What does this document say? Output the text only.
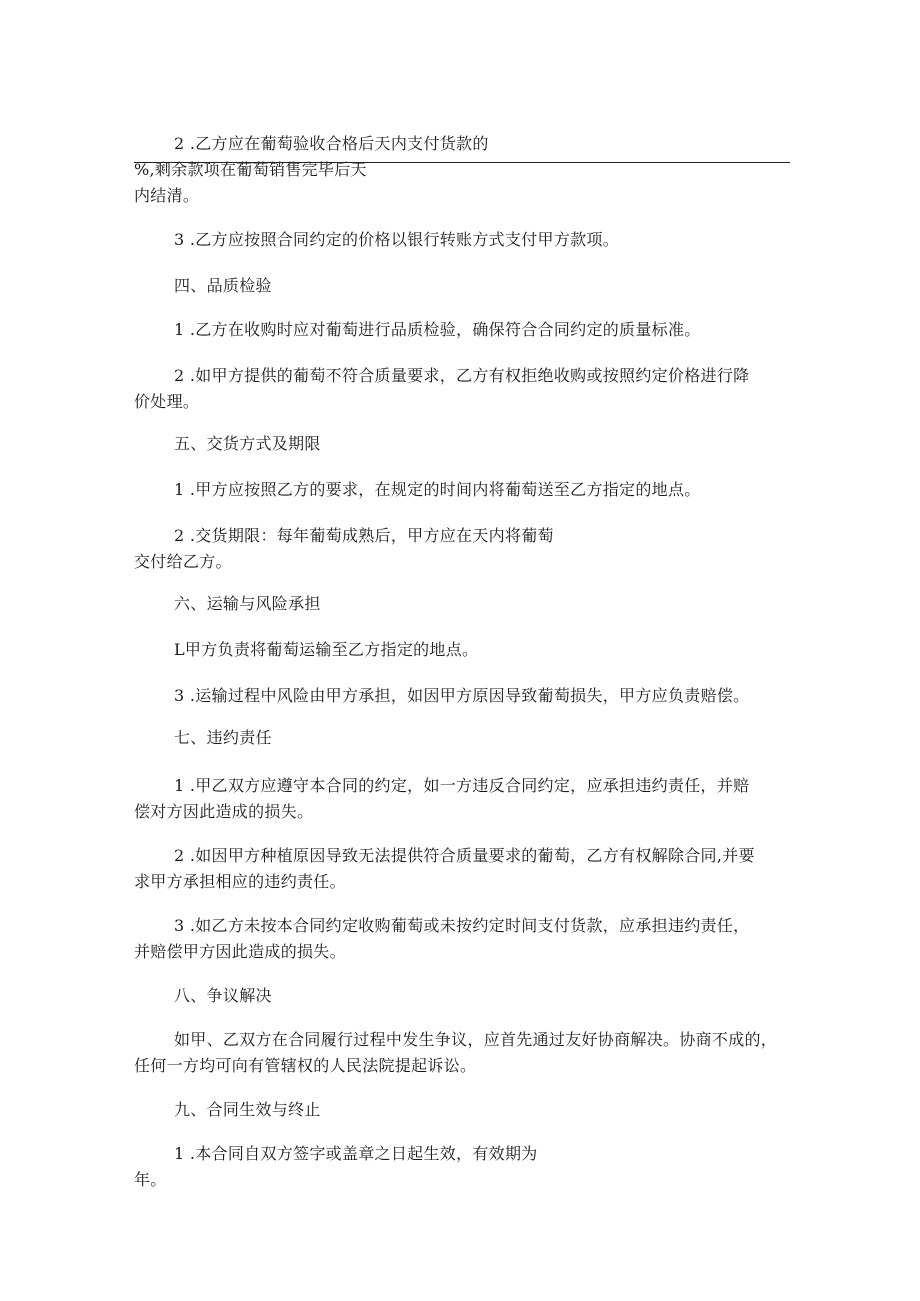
2 .乙方应在葡萄验收合格后天内支付货款的

%,剩余款项在葡萄销售完毕后天

内结清。

3 .乙方应按照合同约定的价格以银行转账方式支付甲方款项。

四、品质检验

1 .乙方在收购时应对葡萄进行品质检验，确保符合合同约定的质量标准。

2 .如甲方提供的葡萄不符合质量要求，乙方有权拒绝收购或按照约定价格进行降

价处理。

五、交货方式及期限

1 .甲方应按照乙方的要求，在规定的时间内将葡萄送至乙方指定的地点。

2 .交货期限：每年葡萄成熟后，甲方应在天内将葡萄

交付给乙方。

六、运输与风险承担

L甲方负责将葡萄运输至乙方指定的地点。

3 .运输过程中风险由甲方承担，如因甲方原因导致葡萄损失，甲方应负责赔偿。

七、违约责任

1 .甲乙双方应遵守本合同的约定，如一方违反合同约定，应承担违约责任，并赔

偿对方因此造成的损失。

2 .如因甲方种植原因导致无法提供符合质量要求的葡萄，乙方有权解除合同,并要

求甲方承担相应的违约责任。

3 .如乙方未按本合同约定收购葡萄或未按约定时间支付货款，应承担违约责任，

并赔偿甲方因此造成的损失。

八、争议解决

如甲、乙双方在合同履行过程中发生争议，应首先通过友好协商解决。协商不成的，

任何一方均可向有管辖权的人民法院提起诉讼。

九、合同生效与终止

1 .本合同自双方签字或盖章之日起生效，有效期为

年。
